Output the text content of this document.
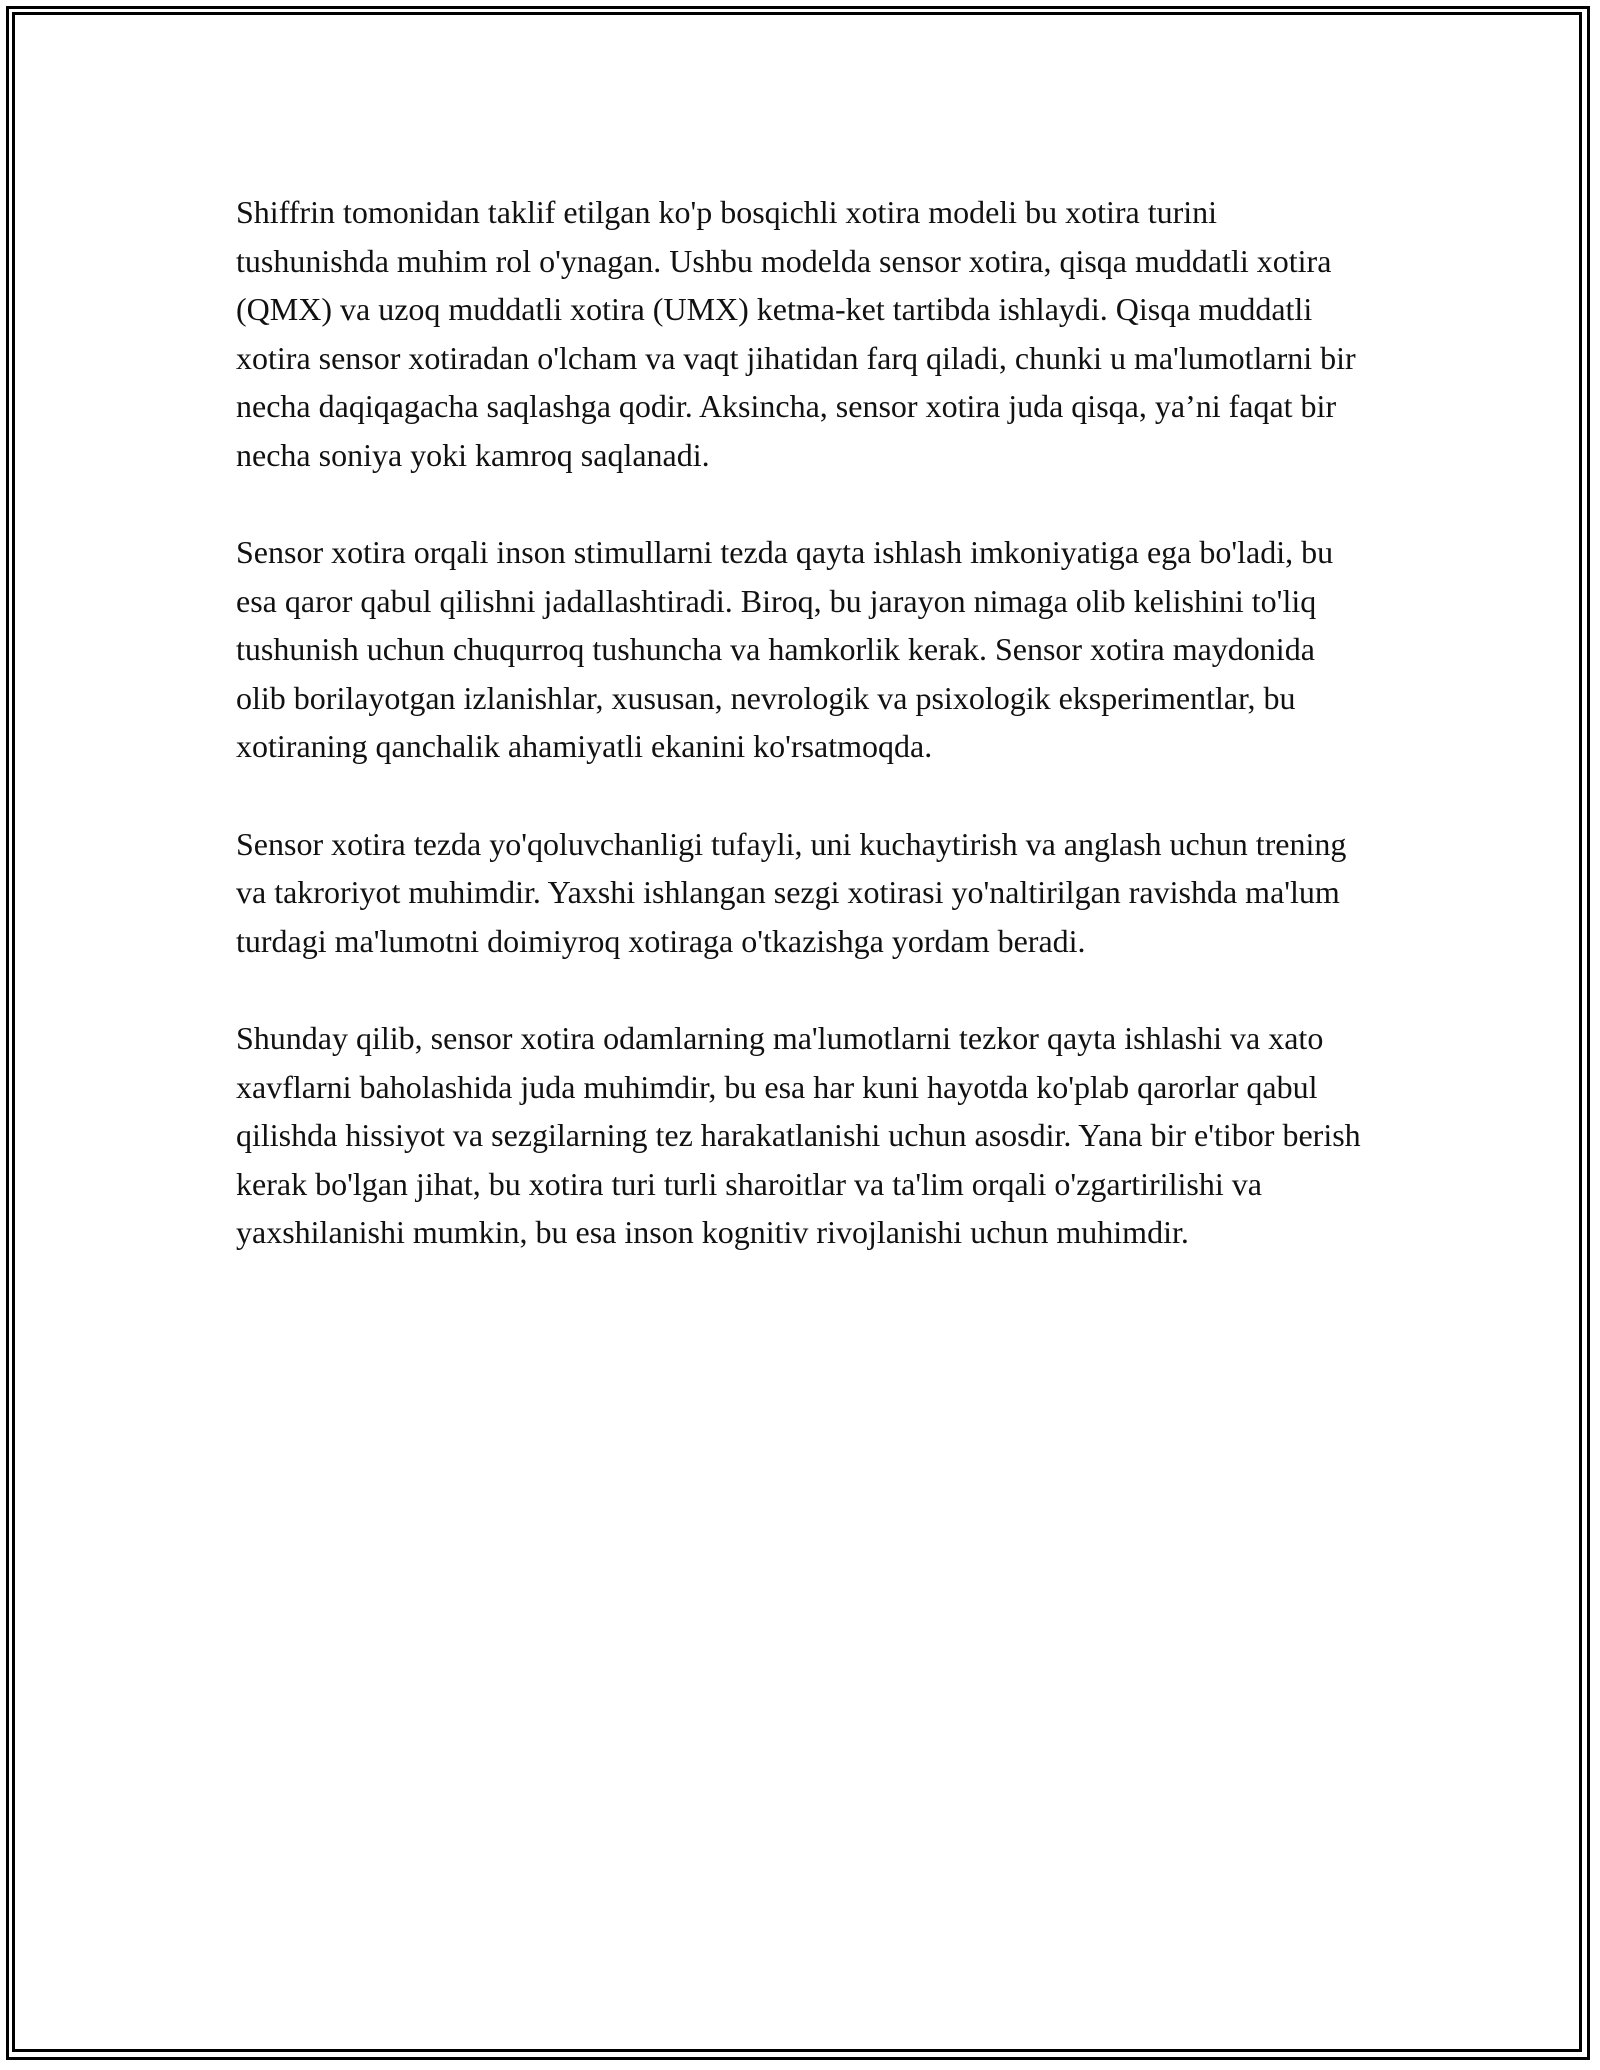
Shiffrin tomonidan taklif etilgan ko'p bosqichli xotira modeli bu xotira turini tushunishda muhim rol o'ynagan. Ushbu modelda sensor xotira, qisqa muddatli xotira (QMX) va uzoq muddatli xotira (UMX) ketma-ket tartibda ishlaydi. Qisqa muddatli xotira sensor xotiradan o'lcham va vaqt jihatidan farq qiladi, chunki u ma'lumotlarni bir necha daqiqagacha saqlashga qodir. Aksincha, sensor xotira juda qisqa, ya’ni faqat bir necha soniya yoki kamroq saqlanadi.

Sensor xotira orqali inson stimullarni tezda qayta ishlash imkoniyatiga ega bo'ladi, bu esa qaror qabul qilishni jadallashtiradi. Biroq, bu jarayon nimaga olib kelishini to'liq tushunish uchun chuqurroq tushuncha va hamkorlik kerak. Sensor xotira maydonida olib borilayotgan izlanishlar, xususan, nevrologik va psixologik eksperimentlar, bu xotiraning qanchalik ahamiyatli ekanini ko'rsatmoqda.

Sensor xotira tezda yo'qoluvchanligi tufayli, uni kuchaytirish va anglash uchun trening va takroriyot muhimdir. Yaxshi ishlangan sezgi xotirasi yo'naltirilgan ravishda ma'lum turdagi ma'lumotni doimiyroq xotiraga o'tkazishga yordam beradi.

Shunday qilib, sensor xotira odamlarning ma'lumotlarni tezkor qayta ishlashi va xato xavflarni baholashida juda muhimdir, bu esa har kuni hayotda ko'plab qarorlar qabul qilishda hissiyot va sezgilarning tez harakatlanishi uchun asosdir. Yana bir e'tibor berish kerak bo'lgan jihat, bu xotira turi turli sharoitlar va ta'lim orqali o'zgartirilishi va yaxshilanishi mumkin, bu esa inson kognitiv rivojlanishi uchun muhimdir.
